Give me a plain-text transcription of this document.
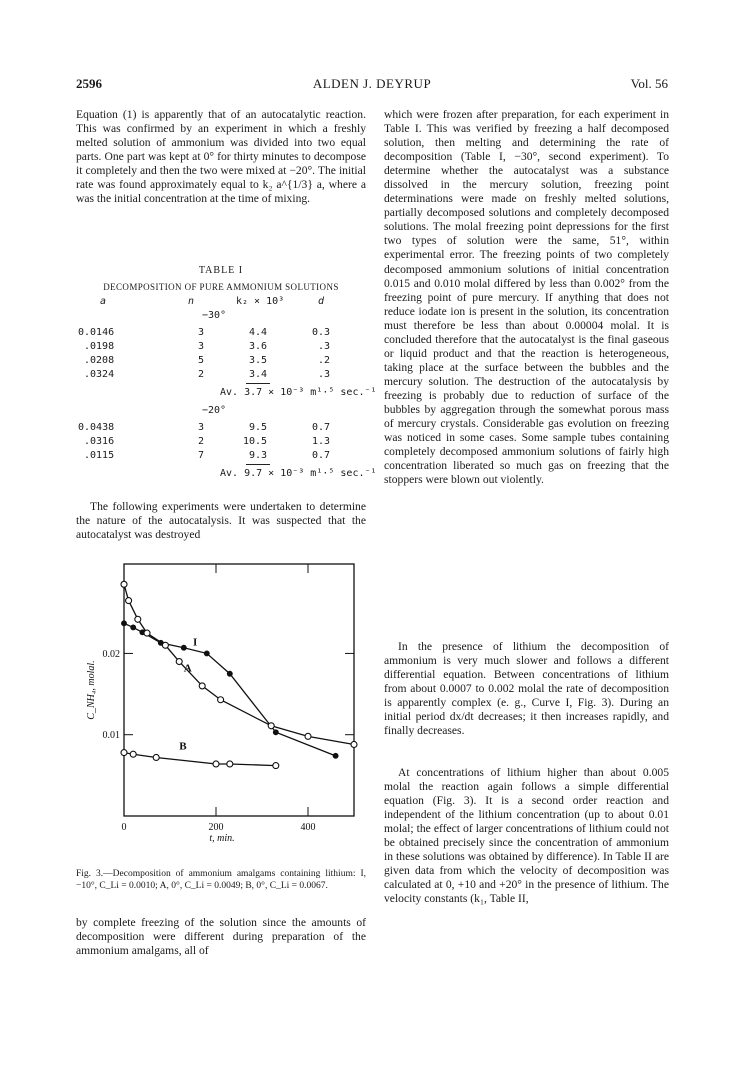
2596	ALDEN J. DEYRUP	Vol. 56

Equation (1) is apparently that of an autocatalytic reaction. This was confirmed by an experiment in which a freshly melted solution of ammonium was divided into two equal parts. One part was kept at 0° for thirty minutes to decompose it completely and then the two were mixed at −20°. The initial rate was found approximately equal to k₂ a^{1/3} a, where a was the initial concentration at the time of mixing.

TABLE I
DECOMPOSITION OF PURE AMMONIUM SOLUTIONS
a	n	k₂ × 10³	d
−30°
0.0146	3	4.4	0.3
.0198	3	3.6	.3
.0208	5	3.5	.2
.0324	2	3.4	.3
Av. 3.7 × 10⁻³ m¹·⁵ sec.⁻¹
−20°
0.0438	3	9.5	0.7
.0316	2	10.5	1.3
.0115	7	9.3	0.7
Av. 9.7 × 10⁻³ m¹·⁵ sec.⁻¹

The following experiments were undertaken to determine the nature of the autocatalysis. It was suspected that the autocatalyst was destroyed

0	200	400
0.01
0.02
t, min.
C_NH₄, molal.
I
A
B
Fig. 3.—Decomposition of ammonium amalgams containing lithium: I, −10°, C_Li = 0.0010; A, 0°, C_Li = 0.0049; B, 0°, C_Li = 0.0067.

by complete freezing of the solution since the amounts of decomposition were different during preparation of the ammonium amalgams, all of

which were frozen after preparation, for each experiment in Table I. This was verified by freezing a half decomposed solution, then melting and determining the rate of decomposition (Table I, −30°, second experiment). To determine whether the autocatalyst was a substance dissolved in the mercury solution, freezing point determinations were made on freshly melted solutions, partially decomposed solutions and completely decomposed solutions. The molal freezing point depressions for the first two types of solution were the same, 51°, within experimental error. The freezing points of two completely decomposed ammonium solutions of initial concentration 0.015 and 0.010 molal differed by less than 0.002° from the freezing point of pure mercury. If anything that does not reduce iodate ion is present in the solution, its concentration must therefore be less than about 0.00004 molal. It is concluded therefore that the autocatalyst is the final gaseous or liquid product and that the reaction is heterogeneous, taking place at the surface between the bubbles and the mercury solution. The destruction of the autocatalysis by freezing is probably due to reduction of surface of the bubbles by aggregation through the somewhat porous mass of mercury crystals. Considerable gas evolution on freezing was noticed in some cases. Some sample tubes containing completely decomposed ammonium solutions of fairly high concentration liberated so much gas on freezing that the stoppers were blown out violently.

In the presence of lithium the decomposition of ammonium is very much slower and follows a different differential equation. Between concentrations of lithium from about 0.0007 to 0.002 molal the rate of decomposition is apparently complex (e. g., Curve I, Fig. 3). During an initial period dx/dt decreases; it then increases rapidly, and finally decreases.

At concentrations of lithium higher than about 0.005 molal the reaction again follows a simple differential equation (Fig. 3). It is a second order reaction and independent of the lithium concentration (up to about 0.01 molal; the effect of larger concentrations of lithium could not be obtained precisely since the concentration of ammonium in these solutions was obtained by difference). In Table II are given data from which the velocity of decomposition was calculated at 0, +10 and +20° in the presence of lithium. The velocity constants (k₁, Table II,
